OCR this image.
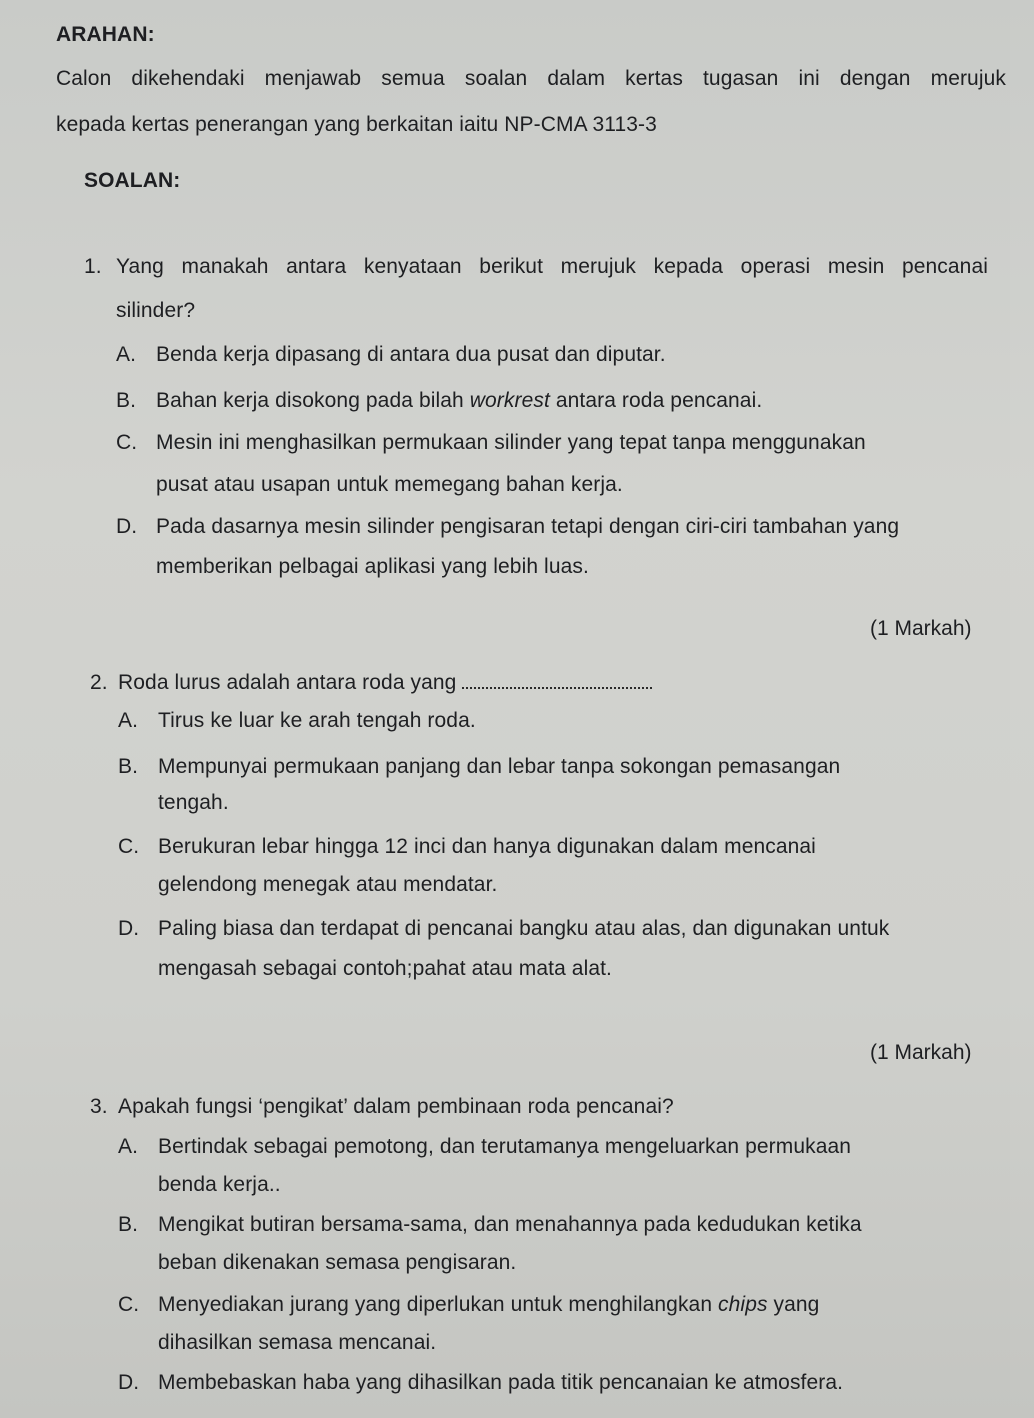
ARAHAN:
Calon dikehendaki menjawab semua soalan dalam kertas tugasan ini dengan merujuk
kepada kertas penerangan yang berkaitan iaitu NP-CMA 3113-3
SOALAN:
1. Yang manakah antara kenyataan berikut merujuk kepada operasi mesin pencanai
silinder?
A. Benda kerja dipasang di antara dua pusat dan diputar.
B. Bahan kerja disokong pada bilah workrest antara roda pencanai.
C. Mesin ini menghasilkan permukaan silinder yang tepat tanpa menggunakan
pusat atau usapan untuk memegang bahan kerja.
D. Pada dasarnya mesin silinder pengisaran tetapi dengan ciri-ciri tambahan yang
memberikan pelbagai aplikasi yang lebih luas.
(1 Markah)
2. Roda lurus adalah antara roda yang
A. Tirus ke luar ke arah tengah roda.
B. Mempunyai permukaan panjang dan lebar tanpa sokongan pemasangan
tengah.
C. Berukuran lebar hingga 12 inci dan hanya digunakan dalam mencanai
gelendong menegak atau mendatar.
D. Paling biasa dan terdapat di pencanai bangku atau alas, dan digunakan untuk
mengasah sebagai contoh;pahat atau mata alat.
(1 Markah)
3. Apakah fungsi ‘pengikat’ dalam pembinaan roda pencanai?
A. Bertindak sebagai pemotong, dan terutamanya mengeluarkan permukaan
benda kerja..
B. Mengikat butiran bersama-sama, dan menahannya pada kedudukan ketika
beban dikenakan semasa pengisaran.
C. Menyediakan jurang yang diperlukan untuk menghilangkan chips yang
dihasilkan semasa mencanai.
D. Membebaskan haba yang dihasilkan pada titik pencanaian ke atmosfera.
